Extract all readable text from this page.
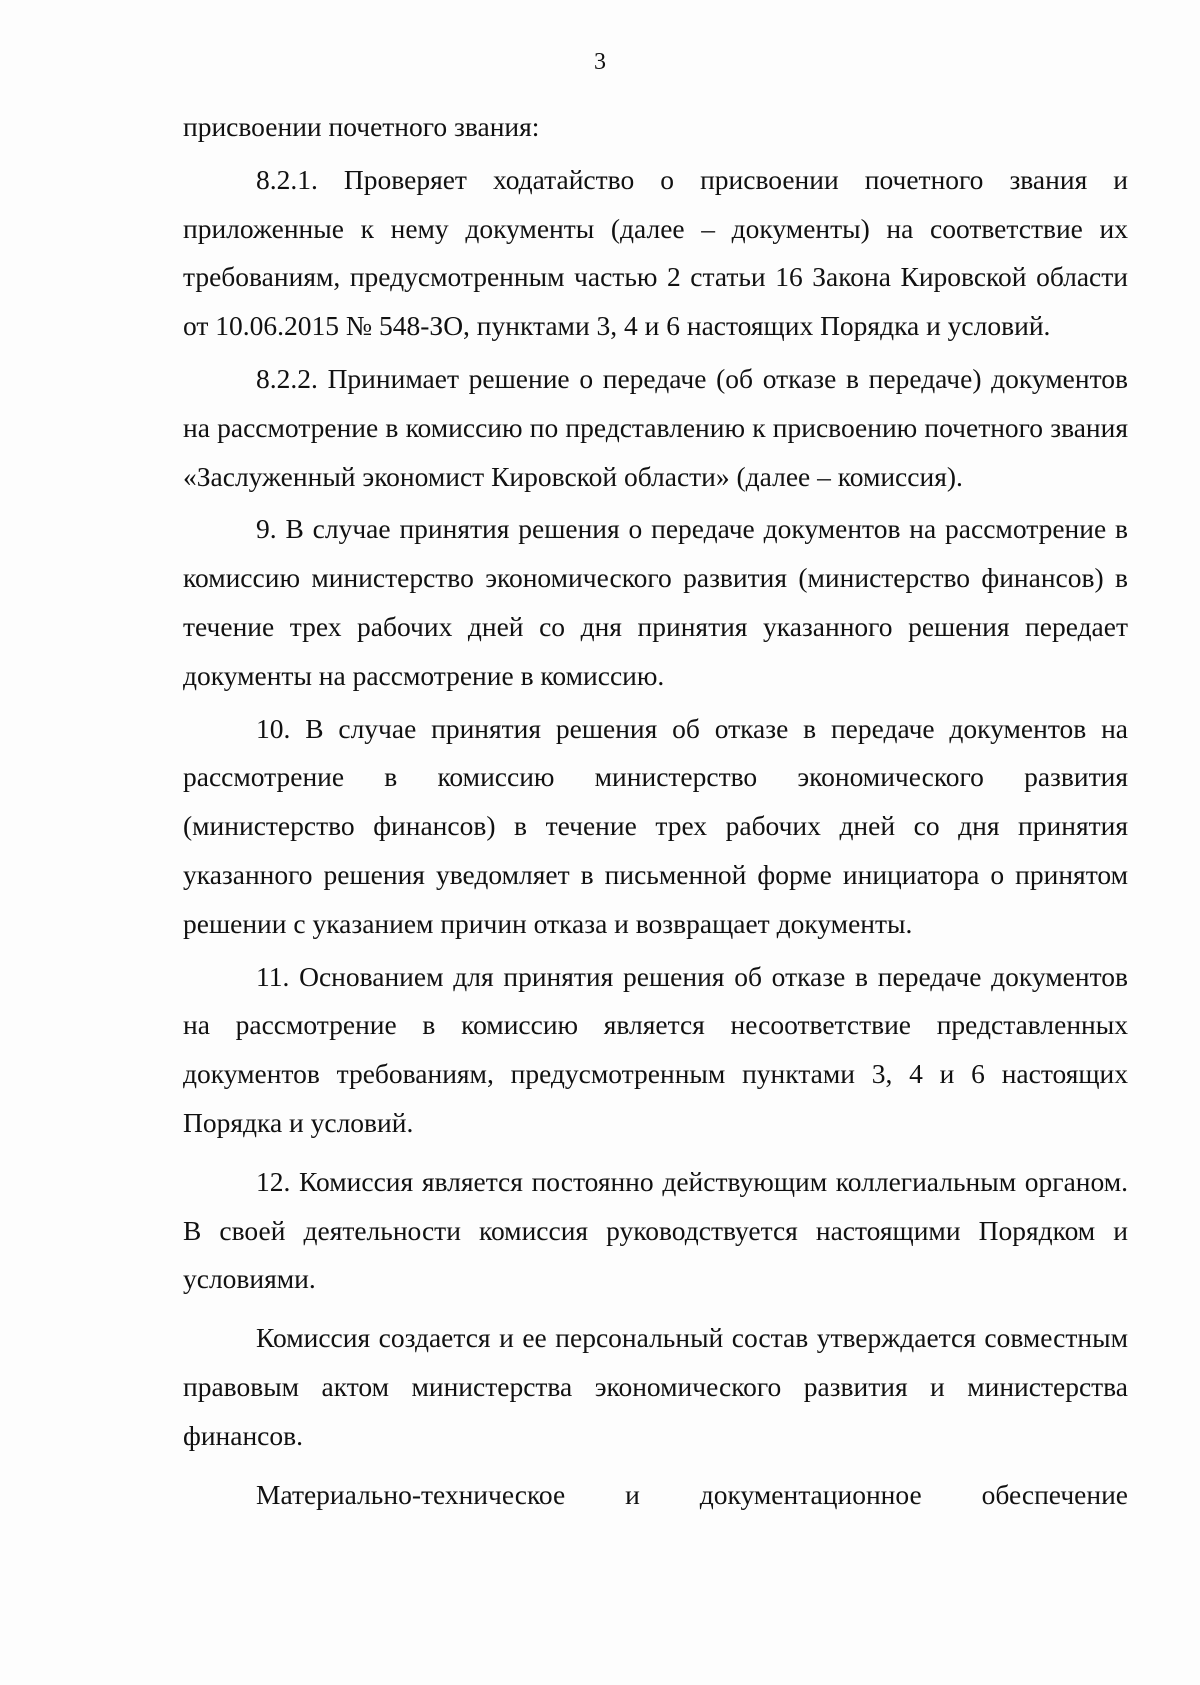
3

присвоении почетного звания:

8.2.1. Проверяет ходатайство о присвоении почетного звания и приложенные к нему документы (далее – документы) на соответствие их требованиям, предусмотренным частью 2 статьи 16 Закона Кировской области от 10.06.2015 № 548-ЗО, пунктами 3, 4 и 6 настоящих Порядка и условий.

8.2.2. Принимает решение о передаче (об отказе в передаче) документов на рассмотрение в комиссию по представлению к присвоению почетного звания «Заслуженный экономист Кировской области» (далее – комиссия).

9. В случае принятия решения о передаче документов на рассмотрение в комиссию министерство экономического развития (министерство финансов) в течение трех рабочих дней со дня принятия указанного решения передает документы на рассмотрение в комиссию.

10. В случае принятия решения об отказе в передаче документов на рассмотрение в комиссию министерство экономического развития (министерство финансов) в течение трех рабочих дней со дня принятия указанного решения уведомляет в письменной форме инициатора о принятом решении с указанием причин отказа и возвращает документы.

11. Основанием для принятия решения об отказе в передаче документов на рассмотрение в комиссию является несоответствие представленных документов требованиям, предусмотренным пунктами 3, 4 и 6 настоящих Порядка и условий.

12. Комиссия является постоянно действующим коллегиальным органом. В своей деятельности комиссия руководствуется настоящими Порядком и условиями.

Комиссия создается и ее персональный состав утверждается совместным правовым актом министерства экономического развития и министерства финансов.

Материально-техническое и документационное обеспечение
